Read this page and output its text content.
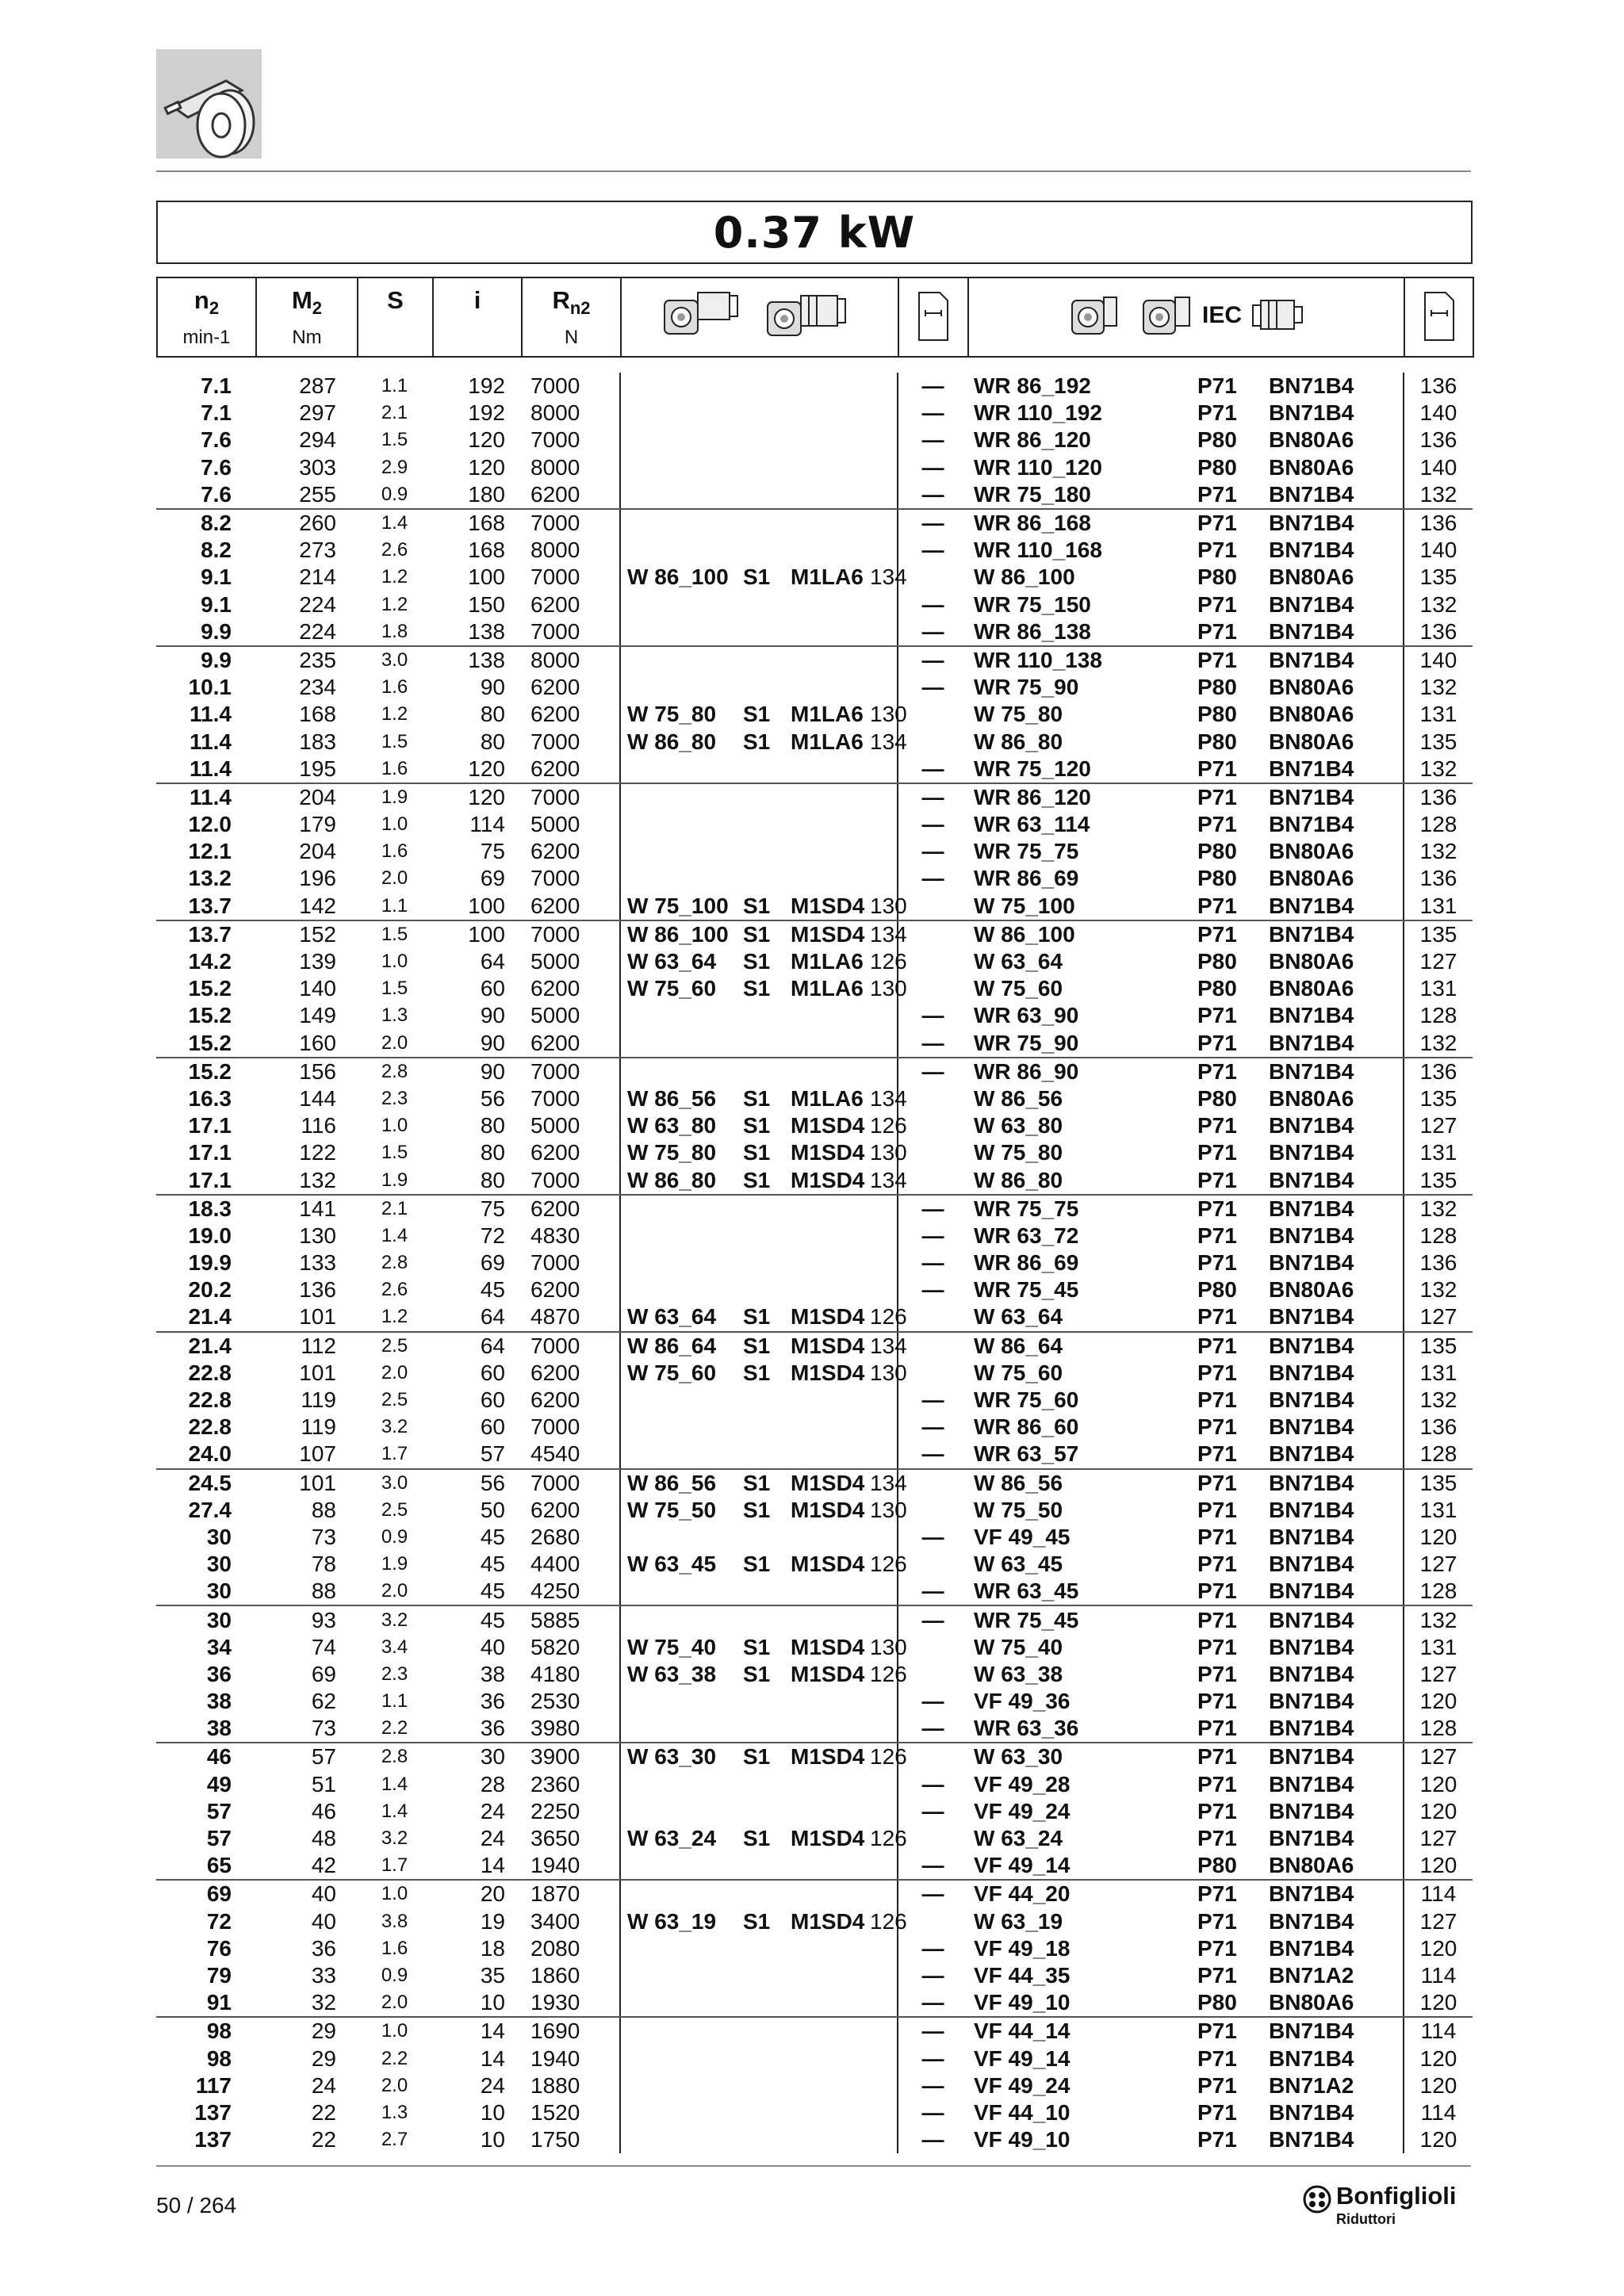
0.37 kW
$n_2$
min-1

$M_2$
Nm

S	i	$R_{n2}$
N

IEC

7.1	287	1.1	192	7000					—	WR 86_192	P71	BN71B4	136
7.1	297	2.1	192	8000					—	WR 110_192	P71	BN71B4	140
7.6	294	1.5	120	7000					—	WR 86_120	P80	BN80A6	136
7.6	303	2.9	120	8000					—	WR 110_120	P80	BN80A6	140
7.6	255	0.9	180	6200					—	WR 75_180	P71	BN71B4	132
8.2	260	1.4	168	7000					—	WR 86_168	P71	BN71B4	136
8.2	273	2.6	168	8000					—	WR 110_168	P71	BN71B4	140
9.1	214	1.2	100	7000	W 86_100	S1	M1LA6	134		W 86_100	P80	BN80A6	135
9.1	224	1.2	150	6200					—	WR 75_150	P71	BN71B4	132
9.9	224	1.8	138	7000					—	WR 86_138	P71	BN71B4	136
9.9	235	3.0	138	8000					—	WR 110_138	P71	BN71B4	140
10.1	234	1.6	90	6200					—	WR 75_90	P80	BN80A6	132
11.4	168	1.2	80	6200	W 75_80	S1	M1LA6	130		W 75_80	P80	BN80A6	131
11.4	183	1.5	80	7000	W 86_80	S1	M1LA6	134		W 86_80	P80	BN80A6	135
11.4	195	1.6	120	6200					—	WR 75_120	P71	BN71B4	132
11.4	204	1.9	120	7000					—	WR 86_120	P71	BN71B4	136
12.0	179	1.0	114	5000					—	WR 63_114	P71	BN71B4	128
12.1	204	1.6	75	6200					—	WR 75_75	P80	BN80A6	132
13.2	196	2.0	69	7000					—	WR 86_69	P80	BN80A6	136
13.7	142	1.1	100	6200	W 75_100	S1	M1SD4	130		W 75_100	P71	BN71B4	131
13.7	152	1.5	100	7000	W 86_100	S1	M1SD4	134		W 86_100	P71	BN71B4	135
14.2	139	1.0	64	5000	W 63_64	S1	M1LA6	126		W 63_64	P80	BN80A6	127
15.2	140	1.5	60	6200	W 75_60	S1	M1LA6	130		W 75_60	P80	BN80A6	131
15.2	149	1.3	90	5000					—	WR 63_90	P71	BN71B4	128
15.2	160	2.0	90	6200					—	WR 75_90	P71	BN71B4	132
15.2	156	2.8	90	7000					—	WR 86_90	P71	BN71B4	136
16.3	144	2.3	56	7000	W 86_56	S1	M1LA6	134		W 86_56	P80	BN80A6	135
17.1	116	1.0	80	5000	W 63_80	S1	M1SD4	126		W 63_80	P71	BN71B4	127
17.1	122	1.5	80	6200	W 75_80	S1	M1SD4	130		W 75_80	P71	BN71B4	131
17.1	132	1.9	80	7000	W 86_80	S1	M1SD4	134		W 86_80	P71	BN71B4	135
18.3	141	2.1	75	6200					—	WR 75_75	P71	BN71B4	132
19.0	130	1.4	72	4830					—	WR 63_72	P71	BN71B4	128
19.9	133	2.8	69	7000					—	WR 86_69	P71	BN71B4	136
20.2	136	2.6	45	6200					—	WR 75_45	P80	BN80A6	132
21.4	101	1.2	64	4870	W 63_64	S1	M1SD4	126		W 63_64	P71	BN71B4	127
21.4	112	2.5	64	7000	W 86_64	S1	M1SD4	134		W 86_64	P71	BN71B4	135
22.8	101	2.0	60	6200	W 75_60	S1	M1SD4	130		W 75_60	P71	BN71B4	131
22.8	119	2.5	60	6200					—	WR 75_60	P71	BN71B4	132
22.8	119	3.2	60	7000					—	WR 86_60	P71	BN71B4	136
24.0	107	1.7	57	4540					—	WR 63_57	P71	BN71B4	128
24.5	101	3.0	56	7000	W 86_56	S1	M1SD4	134		W 86_56	P71	BN71B4	135
27.4	88	2.5	50	6200	W 75_50	S1	M1SD4	130		W 75_50	P71	BN71B4	131
30	73	0.9	45	2680					—	VF 49_45	P71	BN71B4	120
30	78	1.9	45	4400	W 63_45	S1	M1SD4	126		W 63_45	P71	BN71B4	127
30	88	2.0	45	4250					—	WR 63_45	P71	BN71B4	128
30	93	3.2	45	5885					—	WR 75_45	P71	BN71B4	132
34	74	3.4	40	5820	W 75_40	S1	M1SD4	130		W 75_40	P71	BN71B4	131
36	69	2.3	38	4180	W 63_38	S1	M1SD4	126		W 63_38	P71	BN71B4	127
38	62	1.1	36	2530					—	VF 49_36	P71	BN71B4	120
38	73	2.2	36	3980					—	WR 63_36	P71	BN71B4	128
46	57	2.8	30	3900	W 63_30	S1	M1SD4	126		W 63_30	P71	BN71B4	127
49	51	1.4	28	2360					—	VF 49_28	P71	BN71B4	120
57	46	1.4	24	2250					—	VF 49_24	P71	BN71B4	120
57	48	3.2	24	3650	W 63_24	S1	M1SD4	126		W 63_24	P71	BN71B4	127
65	42	1.7	14	1940					—	VF 49_14	P80	BN80A6	120
69	40	1.0	20	1870					—	VF 44_20	P71	BN71B4	114
72	40	3.8	19	3400	W 63_19	S1	M1SD4	126		W 63_19	P71	BN71B4	127
76	36	1.6	18	2080					—	VF 49_18	P71	BN71B4	120
79	33	0.9	35	1860					—	VF 44_35	P71	BN71A2	114
91	32	2.0	10	1930					—	VF 49_10	P80	BN80A6	120
98	29	1.0	14	1690					—	VF 44_14	P71	BN71B4	114
98	29	2.2	14	1940					—	VF 49_14	P71	BN71B4	120
117	24	2.0	24	1880					—	VF 49_24	P71	BN71A2	120
137	22	1.3	10	1520					—	VF 44_10	P71	BN71B4	114
137	22	2.7	10	1750					—	VF 49_10	P71	BN71B4	120
50 / 264	Bonfiglioli
Riduttori
